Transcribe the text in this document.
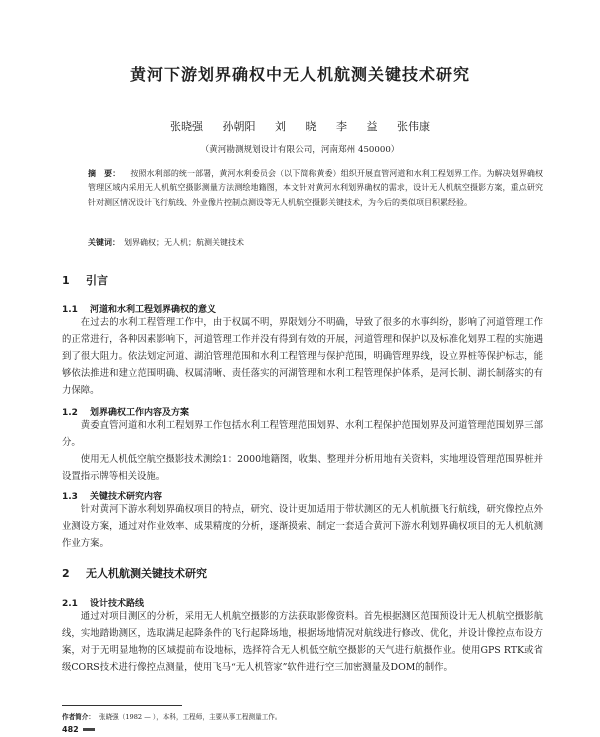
黄河下游划界确权中无人机航测关键技术研究
张晓强 孙朝阳 刘 晓 李 益 张伟康
（黄河勘测规划设计有限公司，河南郑州 450000）
摘　要： 按照水利部的统一部署，黄河水利委员会（以下简称黄委）组织开展直管河道和水利工程划界工作。为解决划界确权管理区域内采用无人机航空摄影测量方法测绘地籍图，本文针对黄河水利划界确权的需求，设计无人机航空摄影方案，重点研究针对测区情况设计飞行航线、外业像片控制点测设等无人机航空摄影关键技术，为今后的类似项目积累经验。
关键词： 划界确权；无人机；航测关键技术
1 引言
1.1 河道和水利工程划界确权的意义
在过去的水利工程管理工作中，由于权属不明，界限划分不明确，导致了很多的水事纠纷，影响了河道管理工作的正常进行，各种因素影响下，河道管理工作并没有得到有效的开展，河道管理和保护以及标准化划界工程的实施遇到了很大阻力。依法划定河道、湖泊管理范围和水利工程管理与保护范围，明确管理界线，设立界桩等保护标志，能够依法推进和建立范围明确、权属清晰、责任落实的河湖管理和水利工程管理保护体系，是河长制、湖长制落实的有力保障。
1.2 划界确权工作内容及方案
黄委直管河道和水利工程划界工作包括水利工程管理范围划界、水利工程保护范围划界及河道管理范围划界三部分。
使用无人机低空航空摄影技术测绘1：2000地籍图，收集、整理并分析用地有关资料，实地埋设管理范围界桩并设置指示牌等相关设施。
1.3 关键技术研究内容
针对黄河下游水利划界确权项目的特点，研究、设计更加适用于带状测区的无人机航摄飞行航线，研究像控点外业测设方案，通过对作业效率、成果精度的分析，逐渐摸索、制定一套适合黄河下游水利划界确权项目的无人机航测作业方案。
2 无人机航测关键技术研究
2.1 设计技术路线
通过对项目测区的分析，采用无人机航空摄影的方法获取影像资料。首先根据测区范围预设计无人机航空摄影航线，实地踏勘测区，选取满足起降条件的飞行起降场地，根据场地情况对航线进行修改、优化，并设计像控点布设方案，对于无明显地物的区域提前布设地标，选择符合无人机低空航空摄影的天气进行航摄作业。使用GPS RTK或省级CORS技术进行像控点测量，使用飞马“无人机管家”软件进行空三加密测量及DOM的制作。
作者简介： 张晓强（1982 — ），本科，工程师，主要从事工程测量工作。
482
